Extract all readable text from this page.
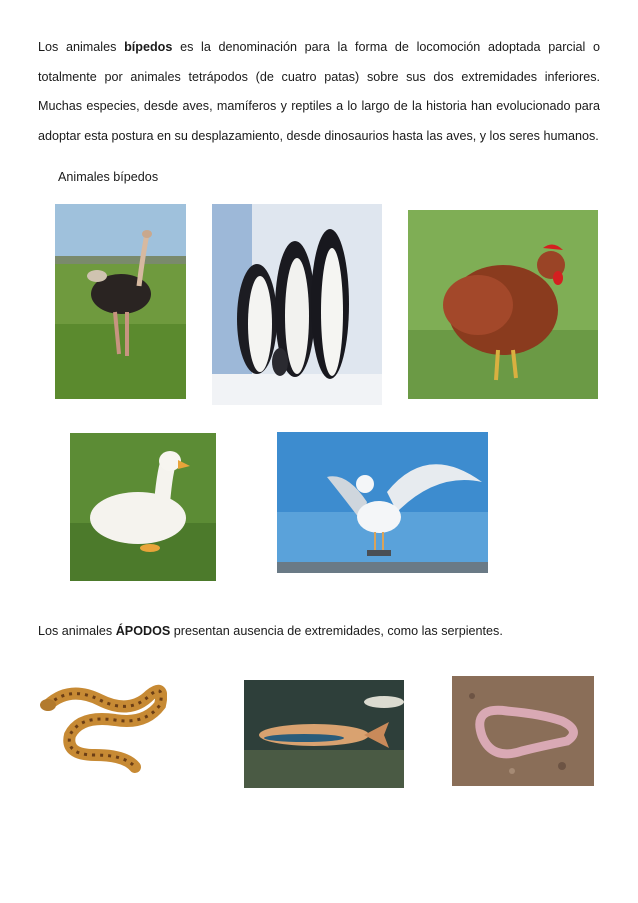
Los animales bípedos es la denominación para la forma de locomoción adoptada parcial o totalmente por animales tetrápodos (de cuatro patas) sobre sus dos extremidades inferiores. Muchas especies, desde aves, mamíferos y reptiles a lo largo de la historia han evolucionado para adoptar esta postura en su desplazamiento, desde dinosaurios hasta las aves, y los seres humanos.
Animales bípedos
Los animales ÁPODOS presentan ausencia de extremidades, como las serpientes.
